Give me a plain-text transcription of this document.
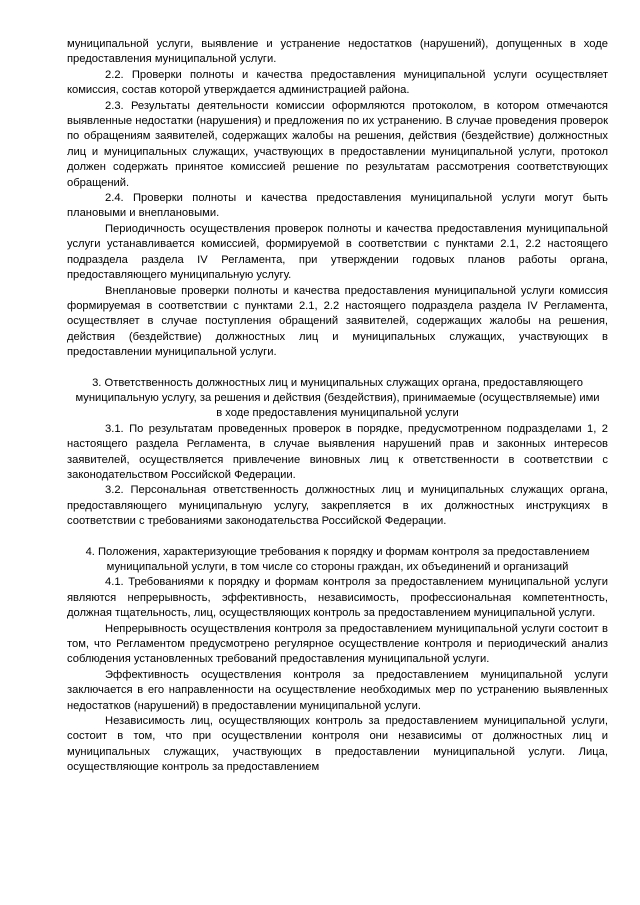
муниципальной услуги, выявление и устранение недостатков (нарушений), допущенных в ходе предоставления муниципальной услуги.

2.2. Проверки полноты и качества предоставления муниципальной услуги осуществляет комиссия, состав которой утверждается администрацией района.

2.3. Результаты деятельности комиссии оформляются протоколом, в котором отмечаются выявленные недостатки (нарушения) и предложения по их устранению. В случае проведения проверок по обращениям заявителей, содержащих жалобы на решения, действия (бездействие) должностных лиц и муниципальных служащих, участвующих в предоставлении муниципальной услуги, протокол должен содержать принятое комиссией решение по результатам рассмотрения соответствующих обращений.

2.4. Проверки полноты и качества предоставления муниципальной услуги могут быть плановыми и внеплановыми.

Периодичность осуществления проверок полноты и качества предоставления муниципальной услуги устанавливается комиссией, формируемой в соответствии с пунктами 2.1, 2.2 настоящего подраздела раздела IV Регламента, при утверждении годовых планов работы органа, предоставляющего муниципальную услугу.

Внеплановые проверки полноты и качества предоставления муниципальной услуги комиссия формируемая в соответствии с пунктами 2.1, 2.2 настоящего подраздела раздела IV Регламента, осуществляет в случае поступления обращений заявителей, содержащих жалобы на решения, действия (бездействие) должностных лиц и муниципальных служащих, участвующих в предоставлении муниципальной услуги.

3. Ответственность должностных лиц и муниципальных служащих органа, предоставляющего муниципальную услугу, за решения и действия (бездействия), принимаемые (осуществляемые) ими в ходе предоставления муниципальной услуги

3.1. По результатам проведенных проверок в порядке, предусмотренном подразделами 1, 2 настоящего раздела Регламента, в случае выявления нарушений прав и законных интересов заявителей, осуществляется привлечение виновных лиц к ответственности в соответствии с законодательством Российской Федерации.

3.2. Персональная ответственность должностных лиц и муниципальных служащих органа, предоставляющего муниципальную услугу, закрепляется в их должностных инструкциях в соответствии с требованиями законодательства Российской Федерации.

4. Положения, характеризующие требования к порядку и формам контроля за предоставлением муниципальной услуги, в том числе со стороны граждан, их объединений и организаций

4.1. Требованиями к порядку и формам контроля за предоставлением муниципальной услуги являются непрерывность, эффективность, независимость, профессиональная компетентность, должная тщательность, лиц, осуществляющих контроль за предоставлением муниципальной услуги.

Непрерывность осуществления контроля за предоставлением муниципальной услуги состоит в том, что Регламентом предусмотрено регулярное осуществление контроля и периодический анализ соблюдения установленных требований предоставления муниципальной услуги.

Эффективность осуществления контроля за предоставлением муниципальной услуги заключается в его направленности на осуществление необходимых мер по устранению выявленных недостатков (нарушений) в предоставлении муниципальной услуги.

Независимость лиц, осуществляющих контроль за предоставлением муниципальной услуги, состоит в том, что при осуществлении контроля они независимы от должностных лиц и муниципальных служащих, участвующих в предоставлении муниципальной услуги. Лица, осуществляющие контроль за предоставлением
